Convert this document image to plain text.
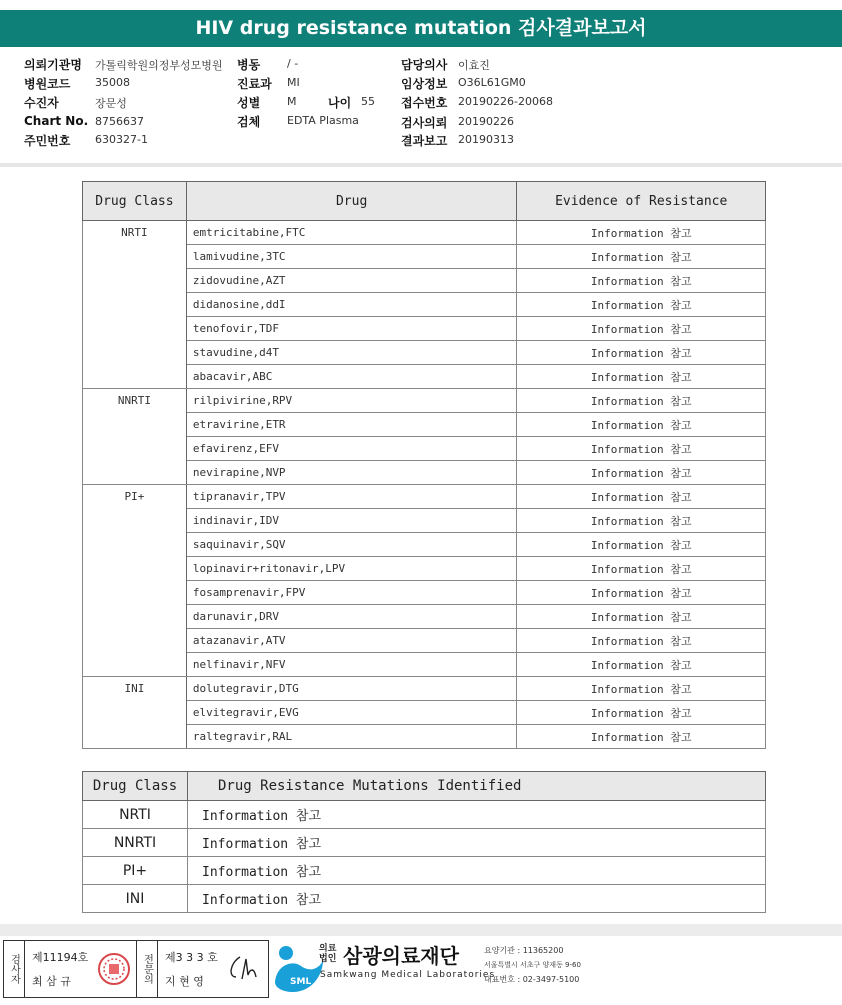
HIV drug resistance mutation 검사결과보고서
의뢰기관명 가톨릭학원의정부성모병원 병동 / -	담당의사 이효진
병원코드 35008	진료과 MI	임상정보 O36L61GM0
수진자	장문성	성별 M	나이 55 접수번호 20190226-20068
Chart No. 8756637	검체 EDTA Plasma	검사의뢰 20190226
주민번호 630327-1	결과보고 20190313
Drug Class	Drug	Evidence of Resistance
NRTI	emtricitabine,FTC	Information 참고
	lamivudine,3TC	Information 참고
	zidovudine,AZT	Information 참고
	didanosine,ddI	Information 참고
	tenofovir,TDF	Information 참고
	stavudine,d4T	Information 참고
	abacavir,ABC	Information 참고
NNRTI	rilpivirine,RPV	Information 참고
	etravirine,ETR	Information 참고
	efavirenz,EFV	Information 참고
	nevirapine,NVP	Information 참고
PI+	tipranavir,TPV	Information 참고
	indinavir,IDV	Information 참고
	saquinavir,SQV	Information 참고
	lopinavir+ritonavir,LPV	Information 참고
	fosamprenavir,FPV	Information 참고
	darunavir,DRV	Information 참고
	atazanavir,ATV	Information 참고
	nelfinavir,NFV	Information 참고
INI	dolutegravir,DTG	Information 참고
	elvitegravir,EVG	Information 참고
	raltegravir,RAL	Information 참고
Drug Class	Drug Resistance Mutations Identified
NRTI	Information 참고
NNRTI	Information 참고
PI+	Information 참고
INI	Information 참고
검사자 제11194호
최 삼 규	전문의 제3 3 3 호
지 현 영	SML
의료법인 삼광의료재단
Samkwang Medical Laboratories
요양기관 : 11365200
서울특별시 서초구 양재동 9-60
대표번호 : 02-3497-5100
